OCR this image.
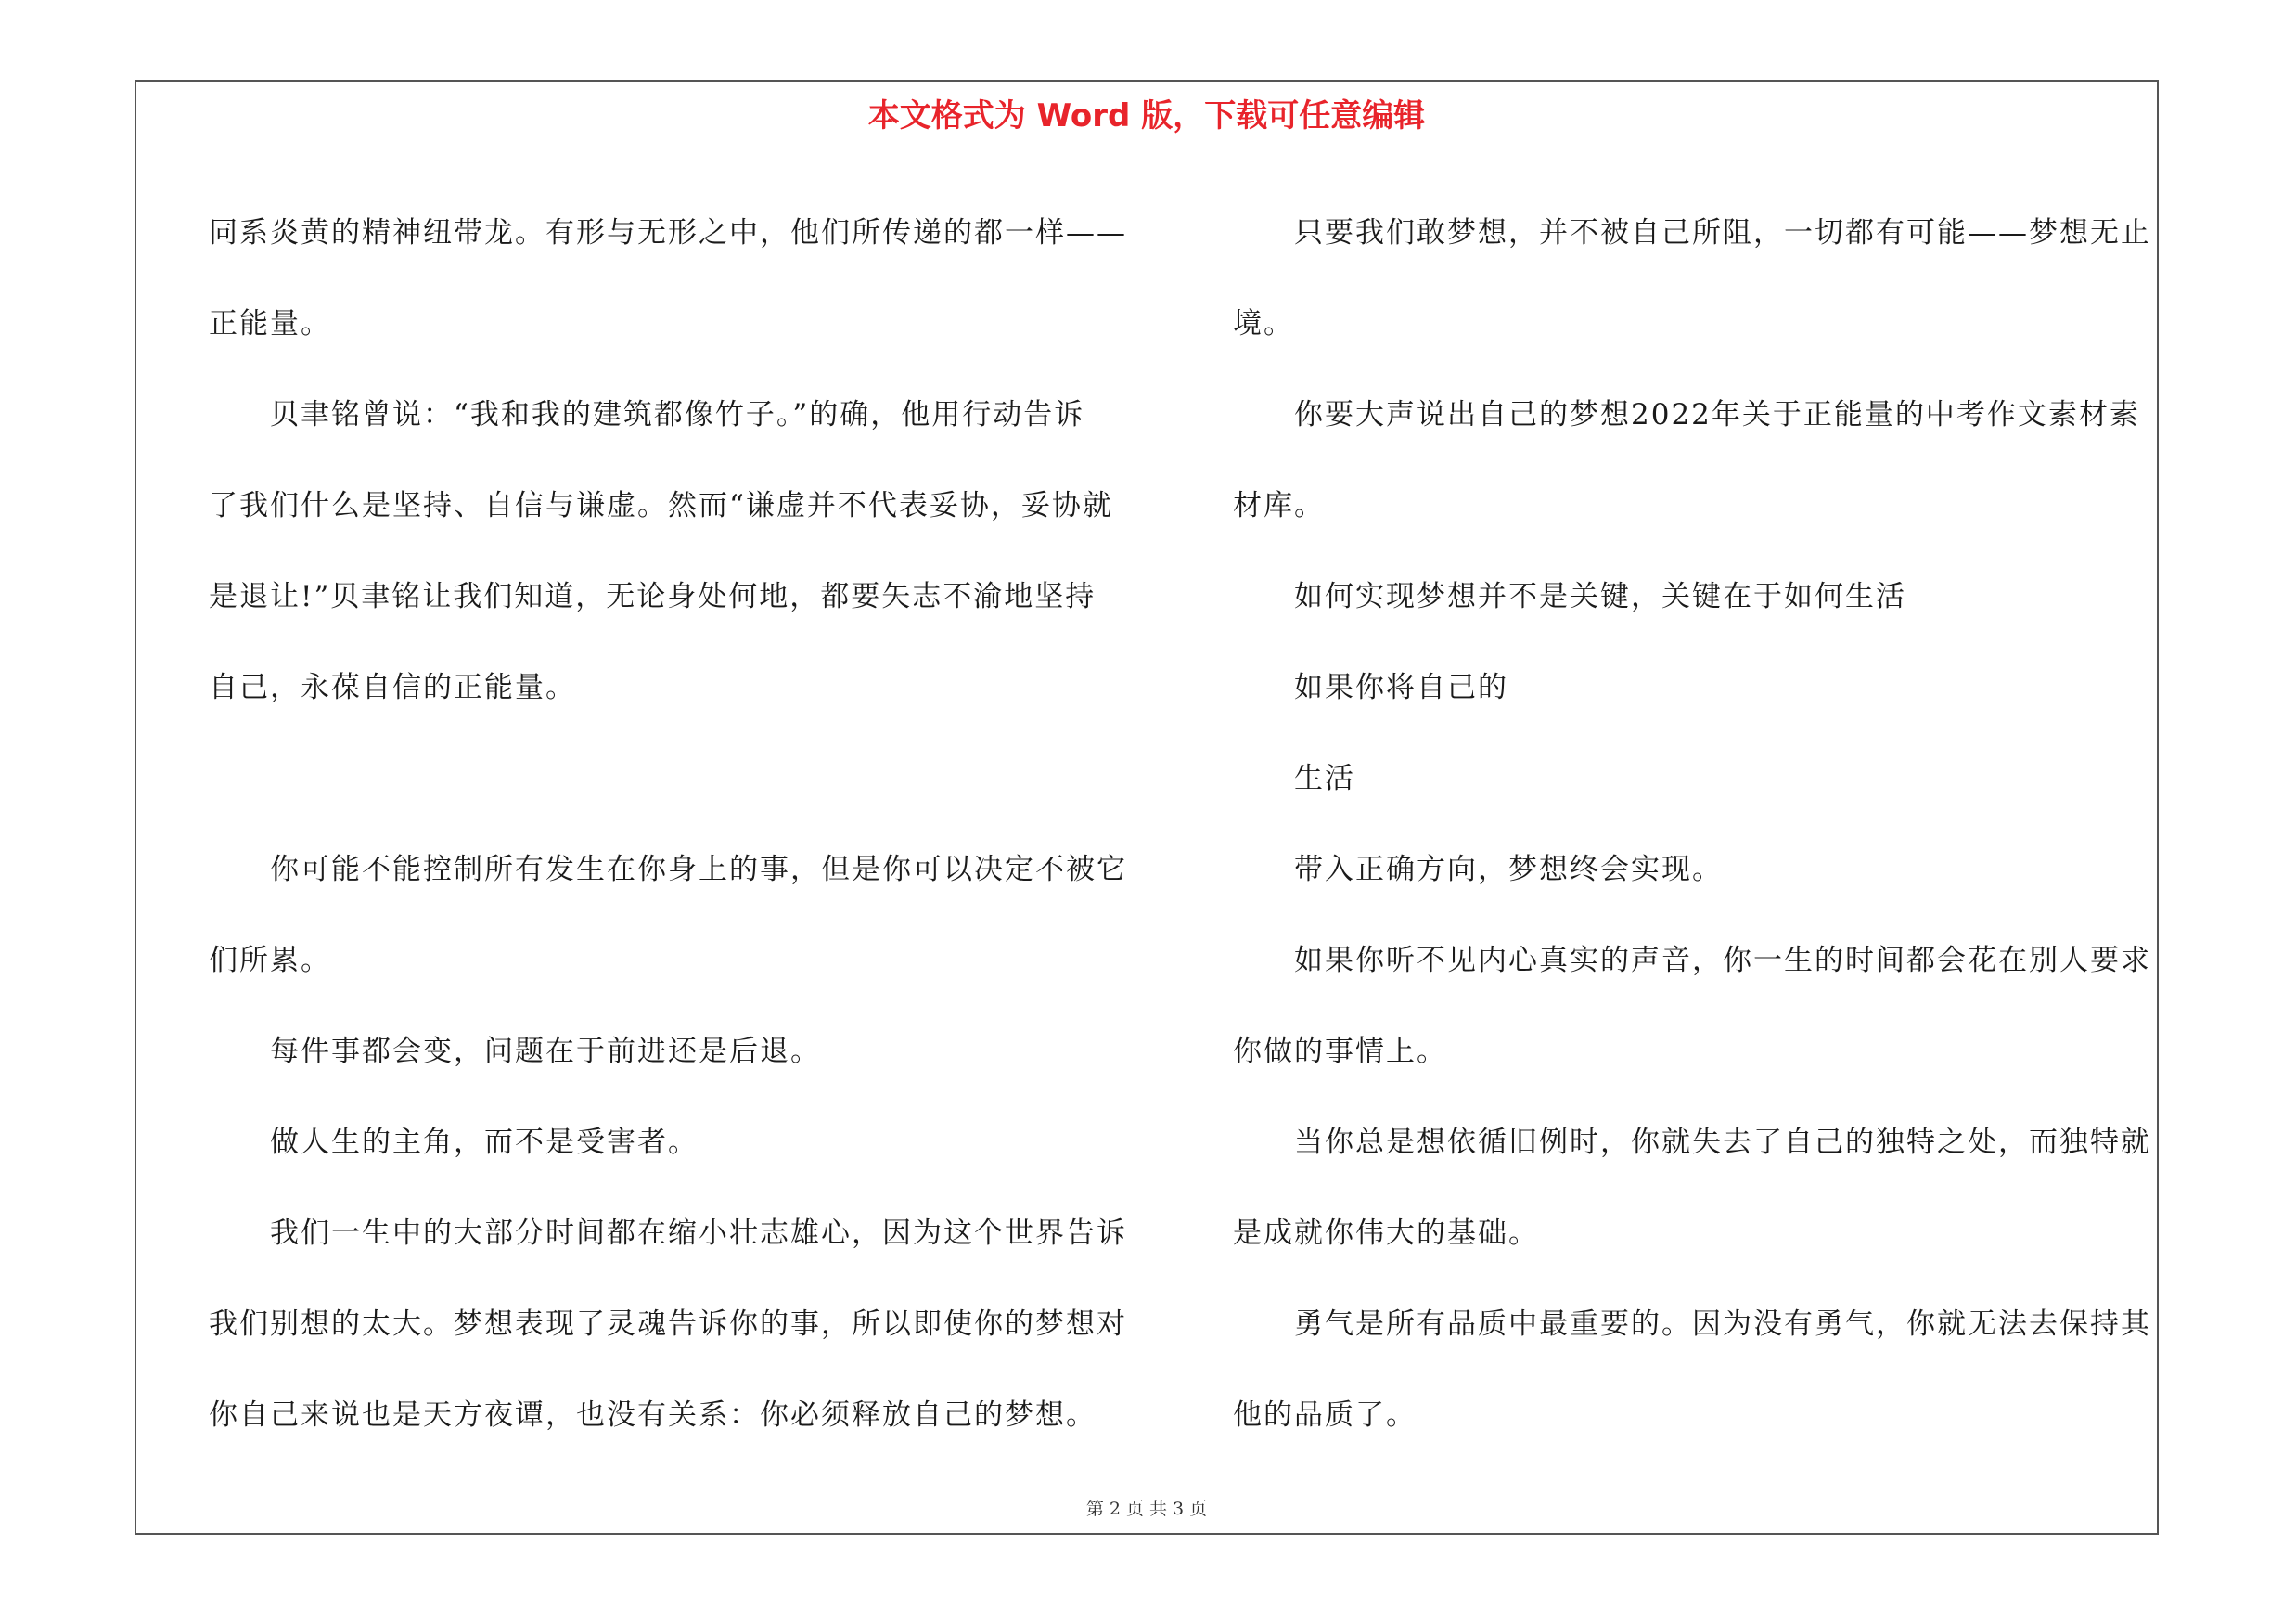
本文格式为 Word 版，下载可任意编辑

同系炎黄的精神纽带龙。有形与无形之中，他们所传递的都一样——

正能量。

贝聿铭曾说：“我和我的建筑都像竹子。”的确，他用行动告诉

了我们什么是坚持、自信与谦虚。然而“谦虚并不代表妥协，妥协就

是退让!”贝聿铭让我们知道，无论身处何地，都要矢志不渝地坚持

自己，永葆自信的正能量。

你可能不能控制所有发生在你身上的事，但是你可以决定不被它

们所累。

每件事都会变，问题在于前进还是后退。

做人生的主角，而不是受害者。

我们一生中的大部分时间都在缩小壮志雄心，因为这个世界告诉

我们别想的太大。梦想表现了灵魂告诉你的事，所以即使你的梦想对

你自己来说也是天方夜谭，也没有关系：你必须释放自己的梦想。

只要我们敢梦想，并不被自己所阻，一切都有可能——梦想无止

境。

你要大声说出自己的梦想2022年关于正能量的中考作文素材素

材库。

如何实现梦想并不是关键，关键在于如何生活

如果你将自己的

生活

带入正确方向，梦想终会实现。

如果你听不见内心真实的声音，你一生的时间都会花在别人要求

你做的事情上。

当你总是想依循旧例时，你就失去了自己的独特之处，而独特就

是成就你伟大的基础。

勇气是所有品质中最重要的。因为没有勇气，你就无法去保持其

他的品质了。

第 2 页 共 3 页
